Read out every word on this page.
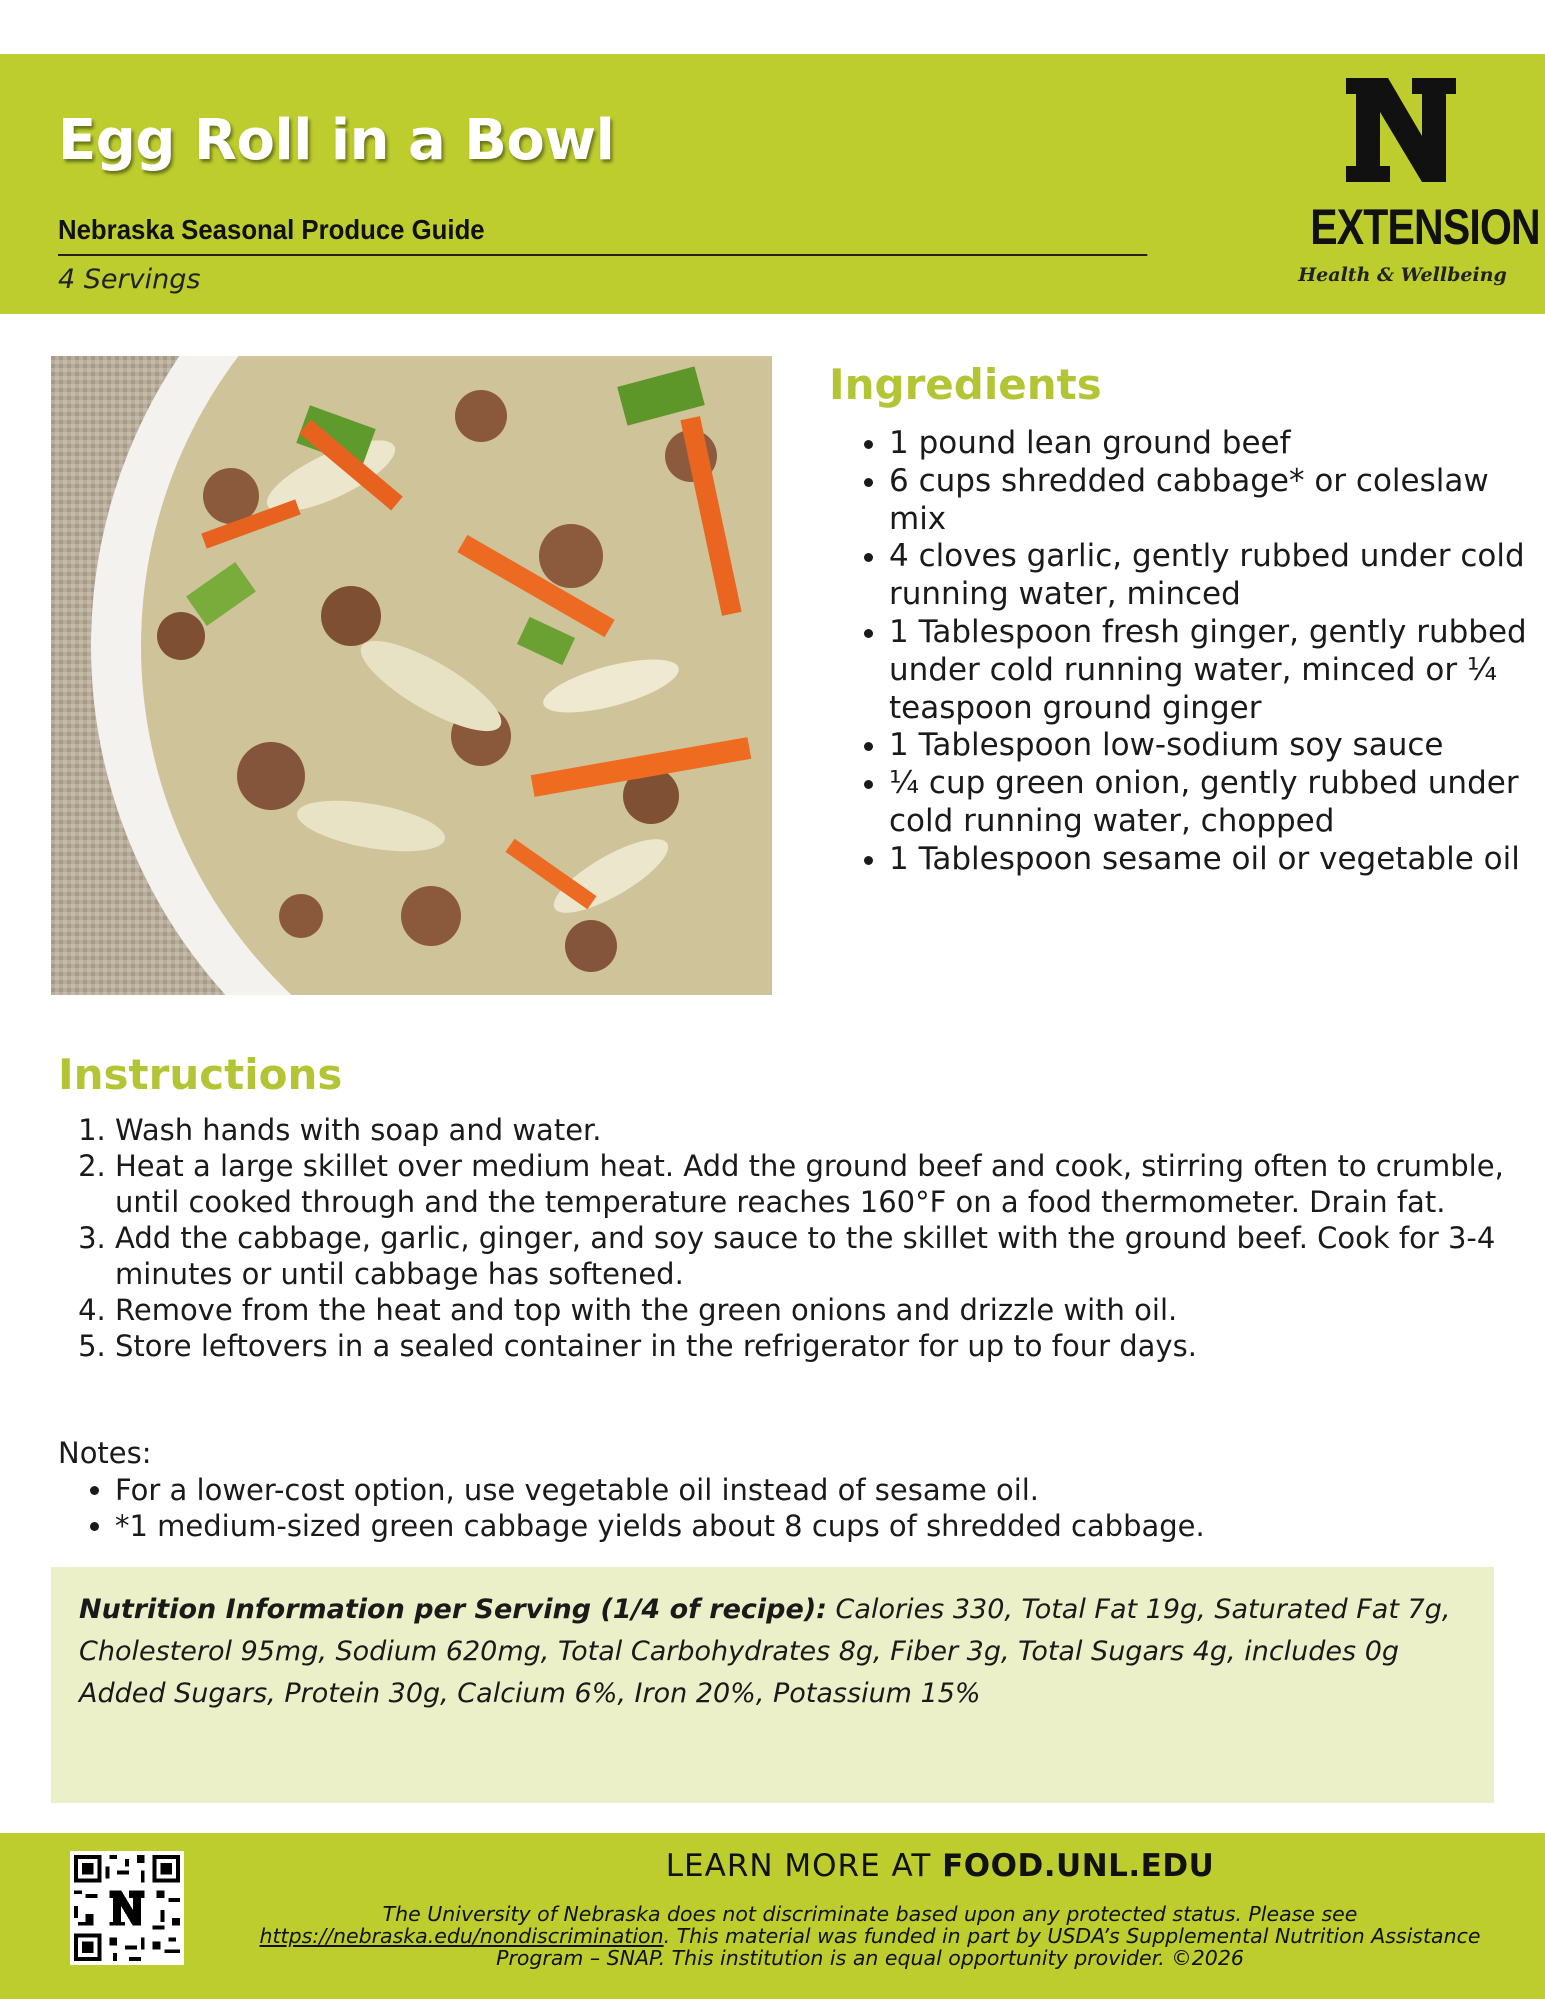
Egg Roll in a Bowl
Nebraska Seasonal Produce Guide
4 Servings
EXTENSION
Health & Wellbeing
Ingredients
• 1 pound lean ground beef
• 6 cups shredded cabbage* or coleslaw mix
• 4 cloves garlic, gently rubbed under cold running water, minced
• 1 Tablespoon fresh ginger, gently rubbed under cold running water, minced or ¼ teaspoon ground ginger
• 1 Tablespoon low-sodium soy sauce
• ¼ cup green onion, gently rubbed under cold running water, chopped
• 1 Tablespoon sesame oil or vegetable oil
Instructions
1. Wash hands with soap and water.
2. Heat a large skillet over medium heat. Add the ground beef and cook, stirring often to crumble, until cooked through and the temperature reaches 160°F on a food thermometer. Drain fat.
3. Add the cabbage, garlic, ginger, and soy sauce to the skillet with the ground beef. Cook for 3-4 minutes or until cabbage has softened.
4. Remove from the heat and top with the green onions and drizzle with oil.
5. Store leftovers in a sealed container in the refrigerator for up to four days.
Notes:
• For a lower-cost option, use vegetable oil instead of sesame oil.
• *1 medium-sized green cabbage yields about 8 cups of shredded cabbage.
Nutrition Information per Serving (1/4 of recipe): Calories 330, Total Fat 19g, Saturated Fat 7g, Cholesterol 95mg, Sodium 620mg, Total Carbohydrates 8g, Fiber 3g, Total Sugars 4g, includes 0g Added Sugars, Protein 30g, Calcium 6%, Iron 20%, Potassium 15%
LEARN MORE AT FOOD.UNL.EDU
The University of Nebraska does not discriminate based upon any protected status. Please see
https://nebraska.edu/nondiscrimination. This material was funded in part by USDA’s Supplemental Nutrition Assistance Program – SNAP. This institution is an equal opportunity provider. ©2026
